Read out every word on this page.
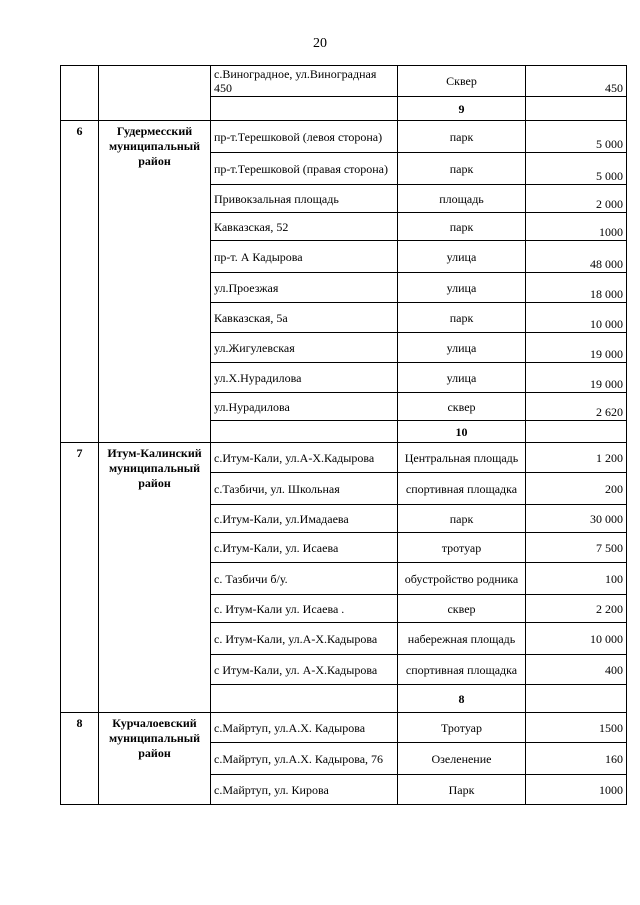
20
		с.Виноградное, ул.Виноградная 450	Сквер	450
			9	
6	Гудермесский муниципальный район	пр-т.Терешковой (левоя сторона)	парк	5 000
		пр-т.Терешковой (правая сторона)	парк	5 000
		Привокзальная площадь	площадь	2 000
		Кавказская, 52	парк	1000
		пр-т. А Кадырова	улица	48 000
		ул.Проезжая	улица	18 000
		Кавказская, 5а	парк	10 000
		ул.Жигулевская	улица	19 000
		ул.Х.Нурадилова	улица	19 000
		ул.Нурадилова	сквер	2 620
			10	
7	Итум-Калинский муниципальный район	с.Итум-Кали, ул.А-Х.Кадырова	Центральная площадь	1 200
		с.Тазбичи, ул. Школьная	спортивная площадка	200
		с.Итум-Кали, ул.Имадаева	парк	30 000
		с.Итум-Кали, ул. Исаева	тротуар	7 500
		с. Тазбичи б/у.	обустройство родника	100
		с. Итум-Кали ул. Исаева .	сквер	2 200
		с. Итум-Кали, ул.А-Х.Кадырова	набережная площадь	10 000
		с Итум-Кали, ул. А-Х.Кадырова	спортивная площадка	400
			8	
8	Курчалоевский муниципальный район	с.Майртуп, ул.А.Х. Кадырова	Тротуар	1500
		с.Майртуп, ул.А.Х. Кадырова, 76	Озеленение	160
		с.Майртуп, ул. Кирова	Парк	1000
